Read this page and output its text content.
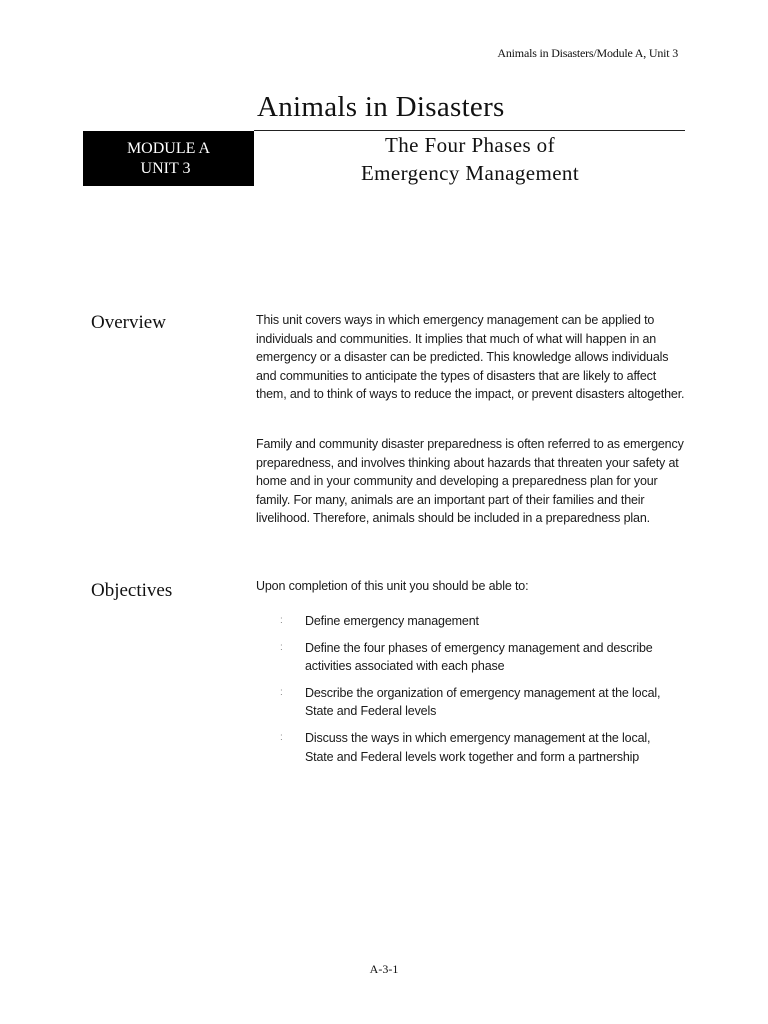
Animals in Disasters/Module A, Unit 3
Animals in Disasters
MODULE A
UNIT 3
The Four Phases of
Emergency Management
Overview	This unit covers ways in which emergency management can be applied to individuals and communities. It implies that much of what will happen in an emergency or a disaster can be predicted. This knowledge allows individuals and communities to anticipate the types of disasters that are likely to affect them, and to think of ways to reduce the impact, or prevent disasters altogether.

Family and community disaster preparedness is often referred to as emergency preparedness, and involves thinking about hazards that threaten your safety at home and in your community and developing a preparedness plan for your family. For many, animals are an important part of their families and their livelihood. Therefore, animals should be included in a preparedness plan.

Objectives	Upon completion of this unit you should be able to:

:	Define emergency management
:	Define the four phases of emergency management and describe activities associated with each phase
:	Describe the organization of emergency management at the local, State and Federal levels
:	Discuss the ways in which emergency management at the local, State and Federal levels work together and form a partnership
A-3-1
